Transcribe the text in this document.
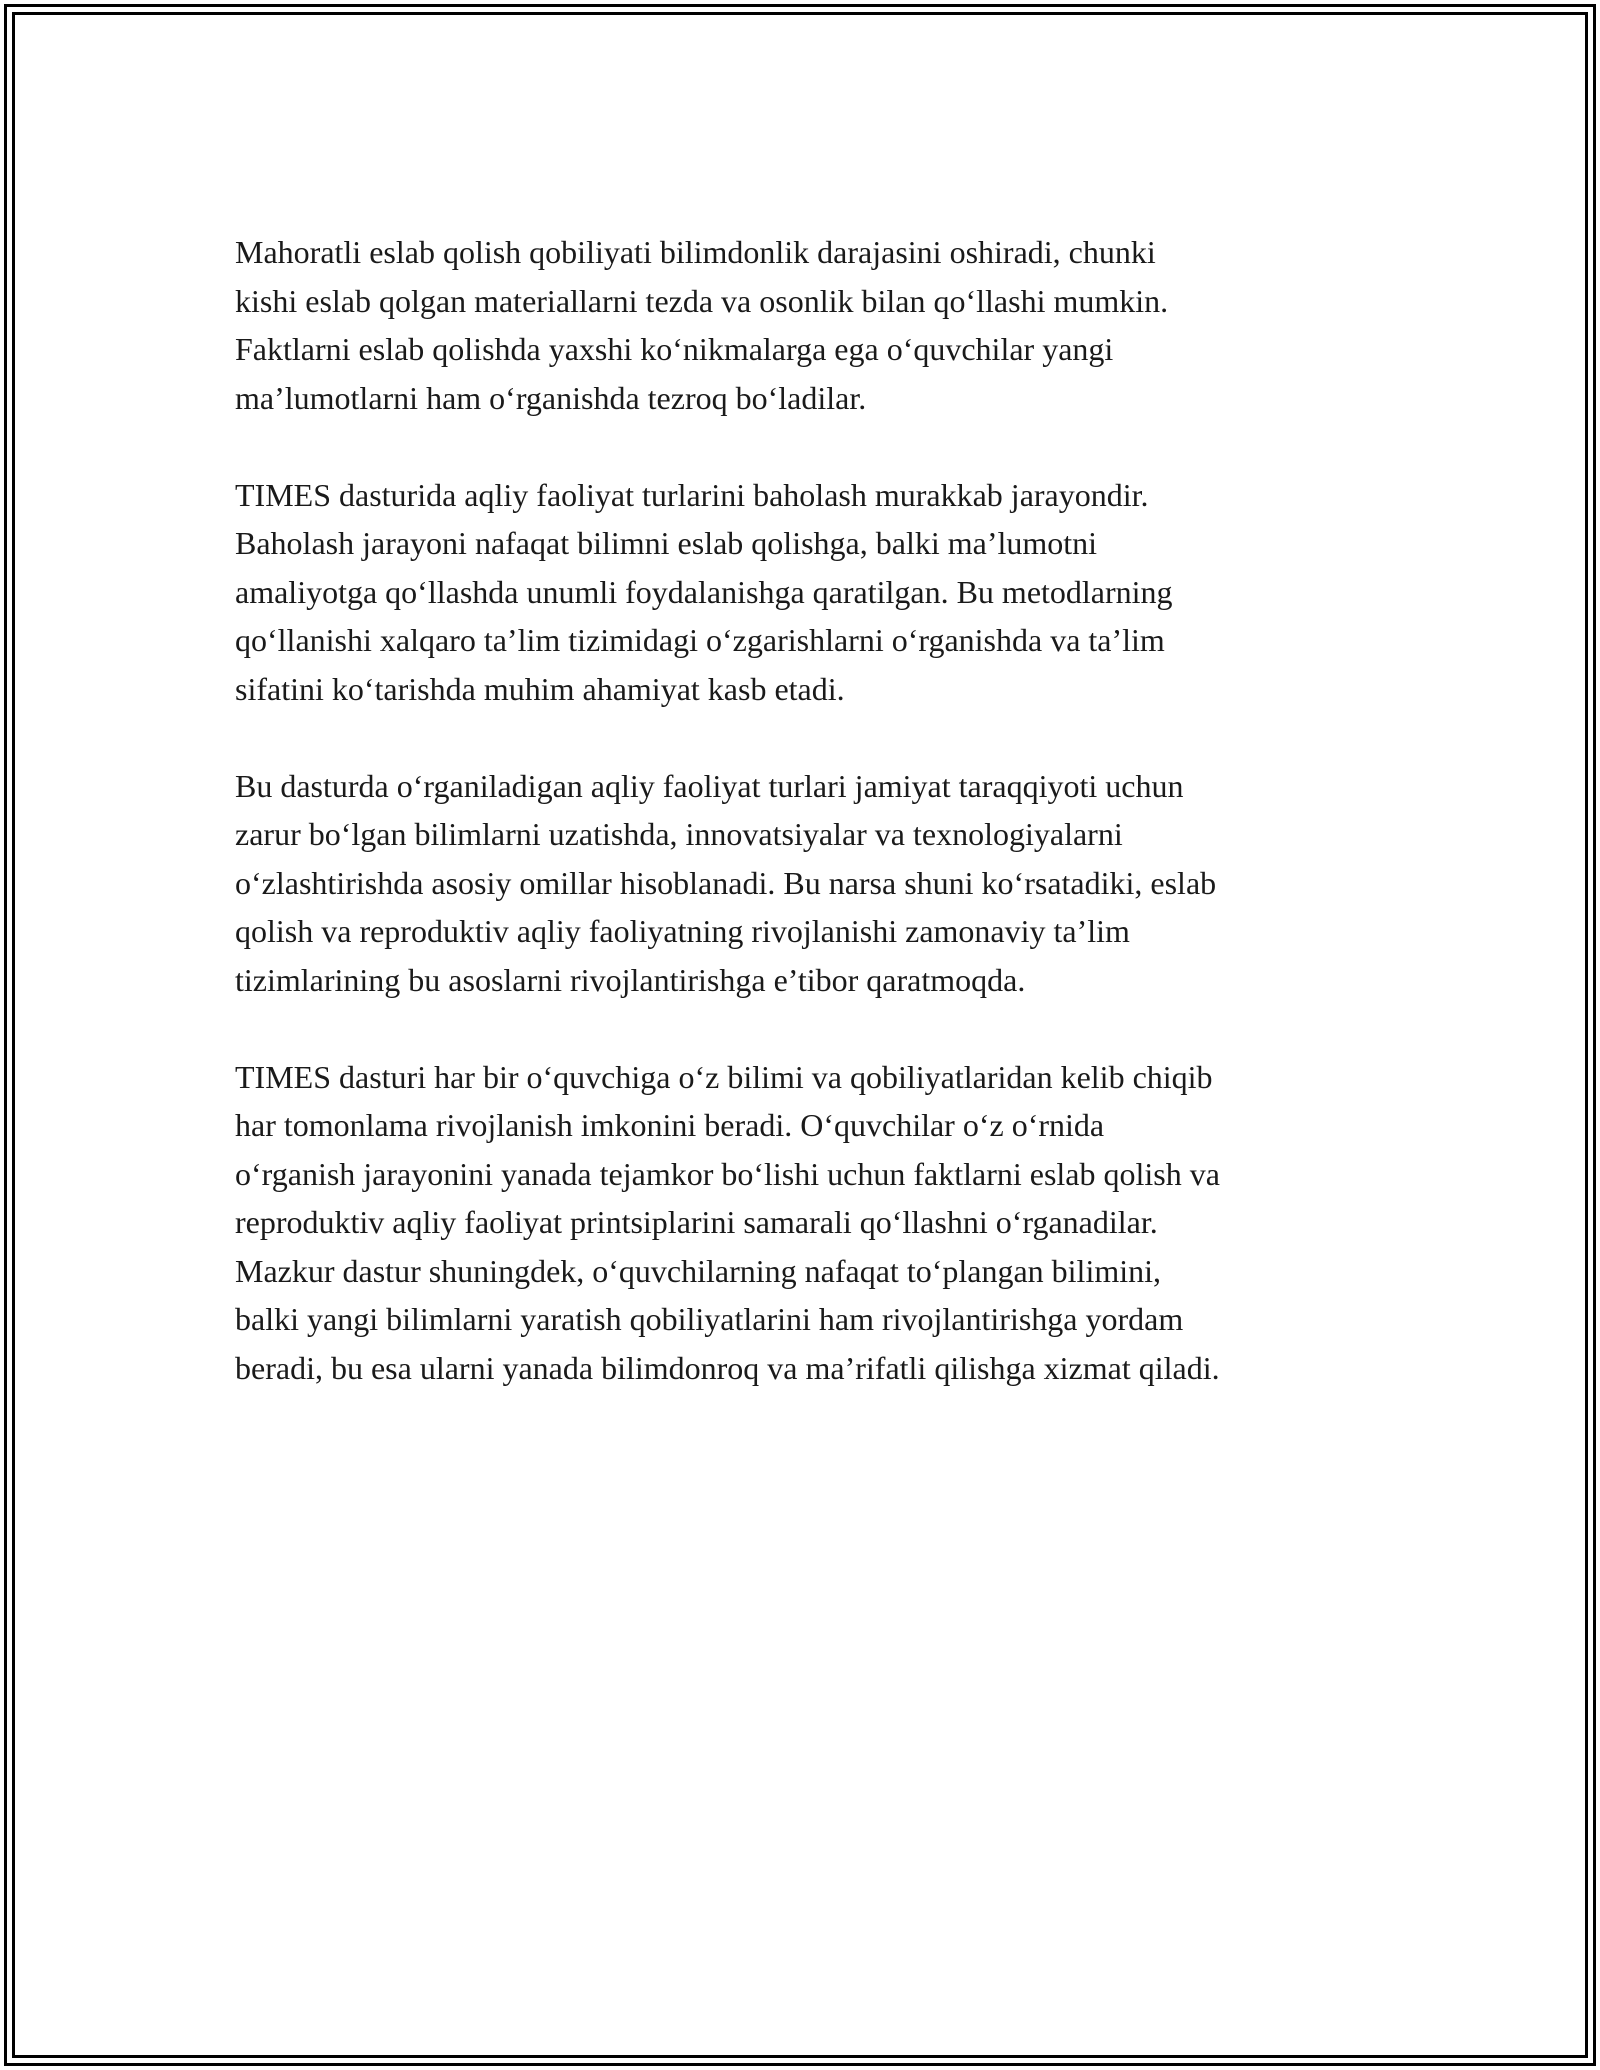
Mahoratli eslab qolish qobiliyati bilimdonlik darajasini oshiradi, chunki
kishi eslab qolgan materiallarni tezda va osonlik bilan qo‘llashi mumkin.
Faktlarni eslab qolishda yaxshi ko‘nikmalarga ega o‘quvchilar yangi
ma’lumotlarni ham o‘rganishda tezroq bo‘ladilar.

TIMES dasturida aqliy faoliyat turlarini baholash murakkab jarayondir.
Baholash jarayoni nafaqat bilimni eslab qolishga, balki ma’lumotni
amaliyotga qo‘llashda unumli foydalanishga qaratilgan. Bu metodlarning
qo‘llanishi xalqaro ta’lim tizimidagi o‘zgarishlarni o‘rganishda va ta’lim
sifatini ko‘tarishda muhim ahamiyat kasb etadi.

Bu dasturda o‘rganiladigan aqliy faoliyat turlari jamiyat taraqqiyoti uchun
zarur bo‘lgan bilimlarni uzatishda, innovatsiyalar va texnologiyalarni
o‘zlashtirishda asosiy omillar hisoblanadi. Bu narsa shuni ko‘rsatadiki, eslab
qolish va reproduktiv aqliy faoliyatning rivojlanishi zamonaviy ta’lim
tizimlarining bu asoslarni rivojlantirishga e’tibor qaratmoqda.

TIMES dasturi har bir o‘quvchiga o‘z bilimi va qobiliyatlaridan kelib chiqib
har tomonlama rivojlanish imkonini beradi. O‘quvchilar o‘z o‘rnida
o‘rganish jarayonini yanada tejamkor bo‘lishi uchun faktlarni eslab qolish va
reproduktiv aqliy faoliyat printsiplarini samarali qo‘llashni o‘rganadilar.
Mazkur dastur shuningdek, o‘quvchilarning nafaqat to‘plangan bilimini,
balki yangi bilimlarni yaratish qobiliyatlarini ham rivojlantirishga yordam
beradi, bu esa ularni yanada bilimdonroq va ma’rifatli qilishga xizmat qiladi.
